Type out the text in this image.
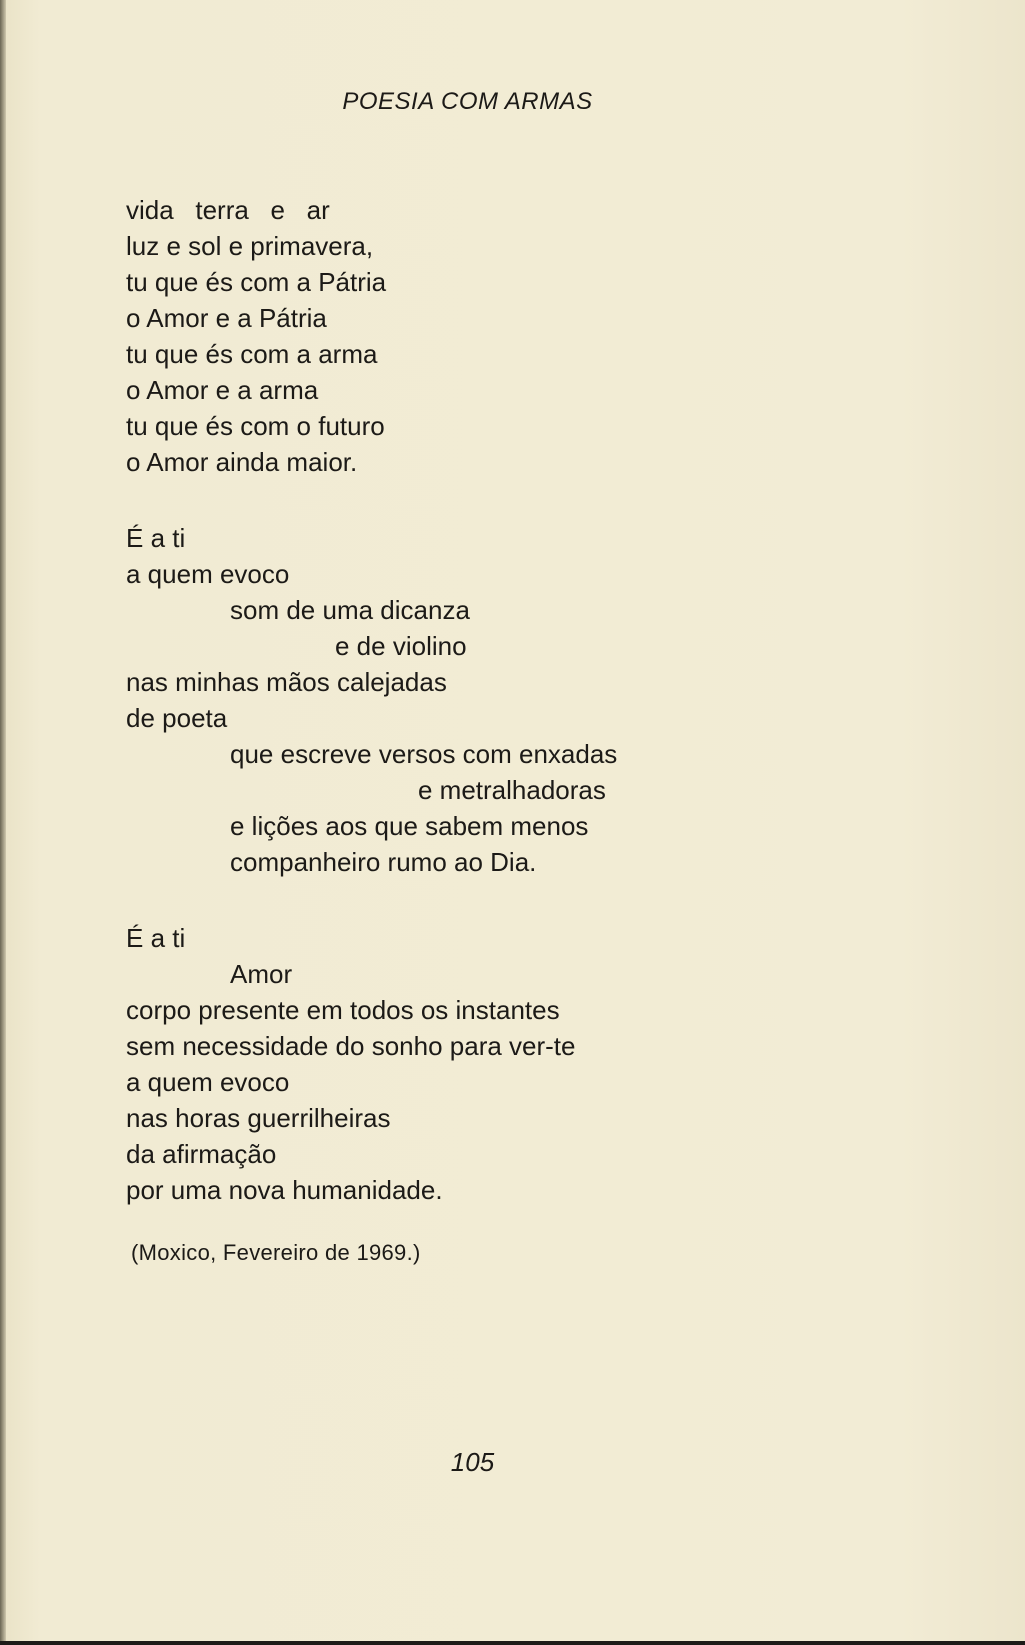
POESIA COM ARMAS
vida   terra   e   ar
luz e sol e primavera,
tu que és com a Pátria
o Amor e a Pátria
tu que és com a arma
o Amor e a arma
tu que és com o futuro
o Amor ainda maior.
É a ti
a quem evoco
som de uma dicanza
e de violino
nas minhas mãos calejadas
de poeta
que escreve versos com enxadas
e metralhadoras
e lições aos que sabem menos
companheiro rumo ao Dia.
É a ti
Amor
corpo presente em todos os instantes
sem necessidade do sonho para ver-te
a quem evoco
nas horas guerrilheiras
da afirmação
por uma nova humanidade.
(Moxico, Fevereiro de 1969.)
105
